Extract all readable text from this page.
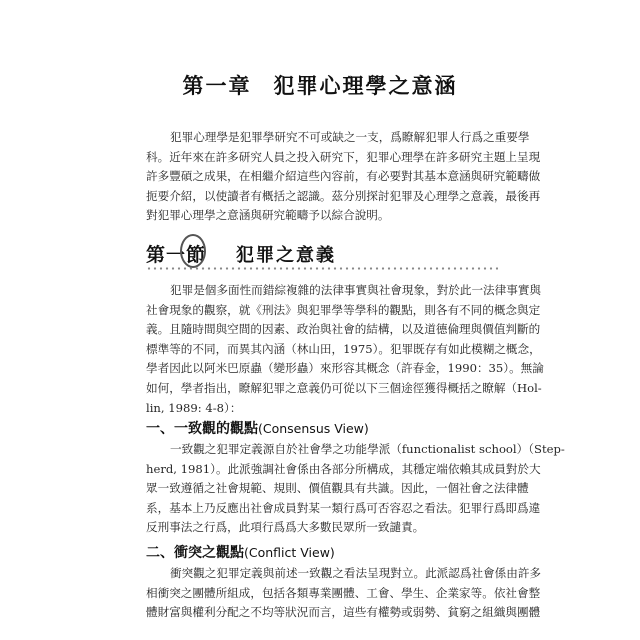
第一章 犯罪心理學之意涵

犯罪心理學是犯罪學研究不可或缺之一支，爲瞭解犯罪人行爲之重要學
科。近年來在許多研究人員之投入研究下，犯罪心理學在許多研究主題上呈現
許多豐碩之成果，在相繼介紹這些內容前，有必要對其基本意涵與研究範疇做
扼要介紹，以使讀者有概括之認識。茲分別探討犯罪及心理學之意義，最後再
對犯罪心理學之意涵與研究範疇予以綜合說明。

第一節 犯罪之意義

犯罪是個多面性而錯綜複雜的法律事實與社會現象，對於此一法律事實與
社會現象的觀察，就《刑法》與犯罪學等學科的觀點，則各有不同的概念與定
義。且隨時間與空間的因素、政治與社會的結構，以及道德倫理與價值判斷的
標準等的不同，而異其內涵（林山田，1975）。犯罪既存有如此模糊之概念，
學者因此以阿米巴原蟲（變形蟲）來形容其概念（許春金，1990：35）。無論
如何，學者指出，瞭解犯罪之意義仍可從以下三個途徑獲得概括之瞭解（Hol-
lin, 1989: 4-8）：

一、一致觀的觀點(Consensus View)

一致觀之犯罪定義源自於社會學之功能學派（functionalist school）（Step-
herd, 1981）。此派強調社會係由各部分所構成，其穩定端依賴其成員對於大
眾一致遵循之社會規範、規則、價值觀具有共識。因此，一個社會之法律體
系，基本上乃反應出社會成員對某一類行爲可否容忍之看法。犯罪行爲即爲違
反刑事法之行爲，此項行爲爲大多數民眾所一致譴責。

二、衝突之觀點(Conflict View)

衝突觀之犯罪定義與前述一致觀之看法呈現對立。此派認爲社會係由許多
相衝突之團體所組成，包括各類專業團體、工會、學生、企業家等。依社會整
體財富與權利分配之不均等狀況而言，這些有權勢或弱勢、貧窮之組織與團體
